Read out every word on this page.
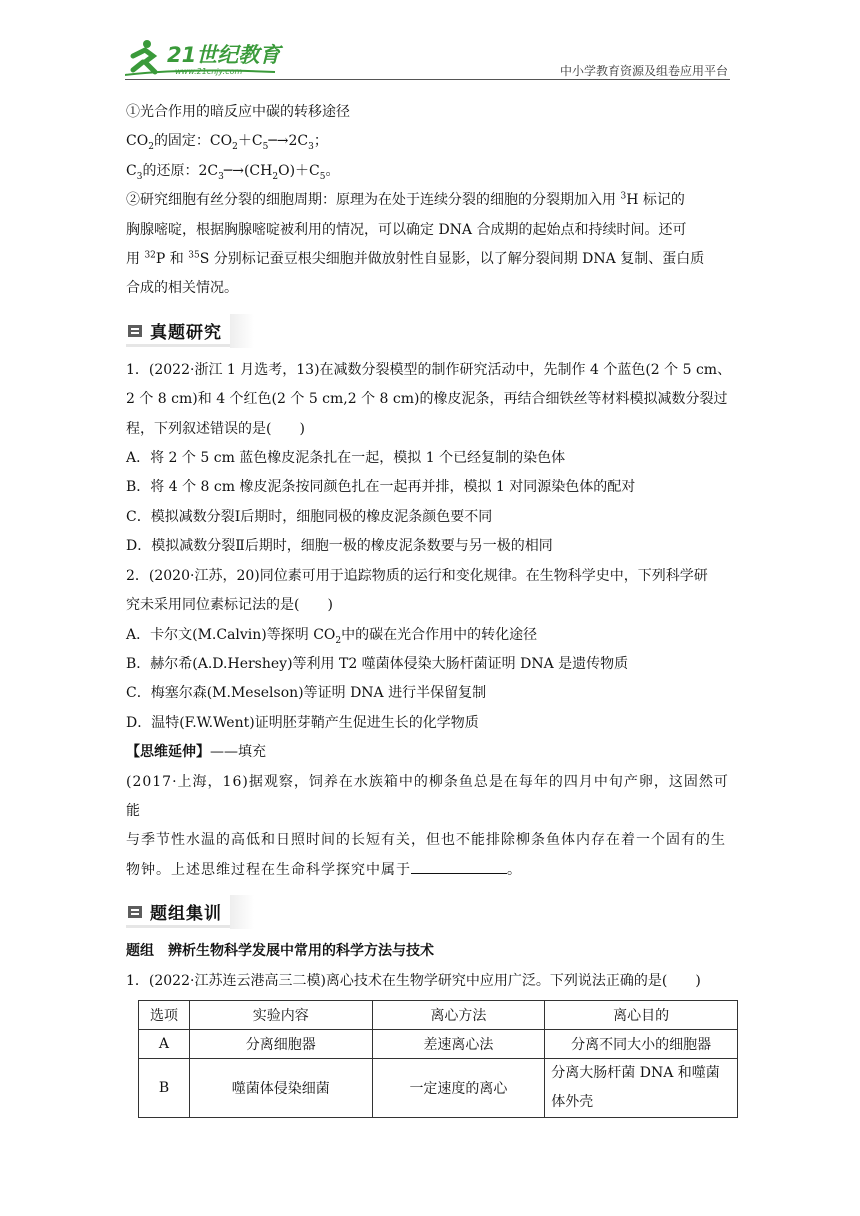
21世纪教育
www.21cnjy.com	中小学教育资源及组卷应用平台

①光合作用的暗反应中碳的转移途径

$CO_2$的固定：$CO_2+C_5─\to 2C_3$；

$C_3$的还原：$2C_3─\to(CH_2O)+C_5$。

②研究细胞有丝分裂的细胞周期：原理为在处于连续分裂的细胞的分裂期加入用 $^3$H 标记的

胸腺嘧啶，根据胸腺嘧啶被利用的情况，可以确定 DNA 合成期的起始点和持续时间。还可

用 $^{32}$P 和 $^{35}$S 分别标记蚕豆根尖细胞并做放射性自显影，以了解分裂间期 DNA 复制、蛋白质

合成的相关情况。

真题研究

1．(2022·浙江 1 月选考，13)在减数分裂模型的制作研究活动中，先制作 4 个蓝色(2 个 5 cm、

2 个 8 cm)和 4 个红色(2 个 5 cm,2 个 8 cm)的橡皮泥条，再结合细铁丝等材料模拟减数分裂过

程，下列叙述错误的是(　　)

A．将 2 个 5 cm 蓝色橡皮泥条扎在一起，模拟 1 个已经复制的染色体

B．将 4 个 8 cm 橡皮泥条按同颜色扎在一起再并排，模拟 1 对同源染色体的配对

C．模拟减数分裂Ⅰ后期时，细胞同极的橡皮泥条颜色要不同

D．模拟减数分裂Ⅱ后期时，细胞一极的橡皮泥条数要与另一极的相同

2．(2020·江苏，20)同位素可用于追踪物质的运行和变化规律。在生物科学史中，下列科学研

究未采用同位素标记法的是(　　)

A．卡尔文(M.Calvin)等探明 $CO_2$中的碳在光合作用中的转化途径

B．赫尔希(A.D.Hershey)等利用 T2 噬菌体侵染大肠杆菌证明 DNA 是遗传物质

C．梅塞尔森(M.Meselson)等证明 DNA 进行半保留复制

D．温特(F.W.Went)证明胚芽鞘产生促进生长的化学物质

【思维延伸】——填充

(2017·上海，16)据观察，饲养在水族箱中的柳条鱼总是在每年的四月中旬产卵，这固然可能

与季节性水温的高低和日照时间的长短有关，但也不能排除柳条鱼体内存在着一个固有的生

物钟。上述思维过程在生命科学探究中属于	。

题组集训

题组　辨析生物科学发展中常用的科学方法与技术

1．(2022·江苏连云港高三二模)离心技术在生物学研究中应用广泛。下列说法正确的是(　　)

选项	实验内容	离心方法	离心目的
A	分离细胞器	差速离心法	分离不同大小的细胞器
B	噬菌体侵染细菌	一定速度的离心	分离大肠杆菌 DNA 和噬菌
体外壳
